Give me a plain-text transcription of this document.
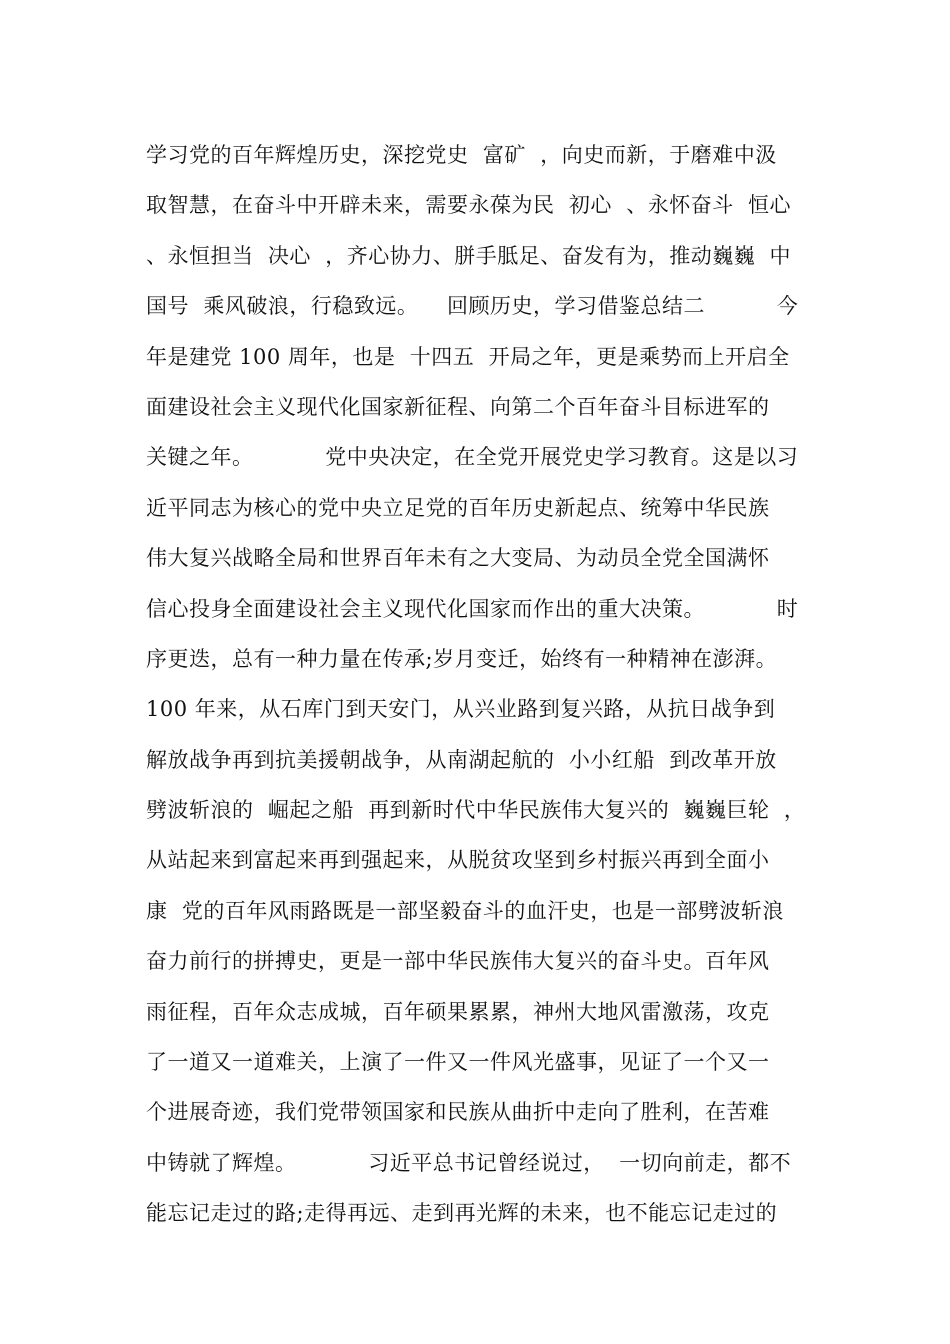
学习党的百年辉煌历史，深挖党史  富矿  ，向史而新，于磨难中汲
取智慧，在奋斗中开辟未来，需要永葆为民  初心  、永怀奋斗  恒心
、永恒担当  决心  ，齐心协力、胼手胝足、奋发有为，推动巍巍  中
国号  乘风破浪，行稳致远。    回顾历史，学习借鉴总结二          今
年是建党 100 周年，也是  十四五  开局之年，更是乘势而上开启全
面建设社会主义现代化国家新征程、向第二个百年奋斗目标进军的
关键之年。          党中央决定，在全党开展党史学习教育。这是以习
近平同志为核心的党中央立足党的百年历史新起点、统筹中华民族
伟大复兴战略全局和世界百年未有之大变局、为动员全党全国满怀
信心投身全面建设社会主义现代化国家而作出的重大决策。          时
序更迭，总有一种力量在传承;岁月变迁，始终有一种精神在澎湃。
100 年来，从石库门到天安门，从兴业路到复兴路，从抗日战争到
解放战争再到抗美援朝战争，从南湖起航的  小小红船  到改革开放
劈波斩浪的  崛起之船  再到新时代中华民族伟大复兴的  巍巍巨轮  ，
从站起来到富起来再到强起来，从脱贫攻坚到乡村振兴再到全面小
康  党的百年风雨路既是一部坚毅奋斗的血汗史，也是一部劈波斩浪
奋力前行的拼搏史，更是一部中华民族伟大复兴的奋斗史。百年风
雨征程，百年众志成城，百年硕果累累，神州大地风雷激荡，攻克
了一道又一道难关，上演了一件又一件风光盛事，见证了一个又一
个进展奇迹，我们党带领国家和民族从曲折中走向了胜利，在苦难
中铸就了辉煌。          习近平总书记曾经说过，  一切向前走，都不
能忘记走过的路;走得再远、走到再光辉的未来，也不能忘记走过的
